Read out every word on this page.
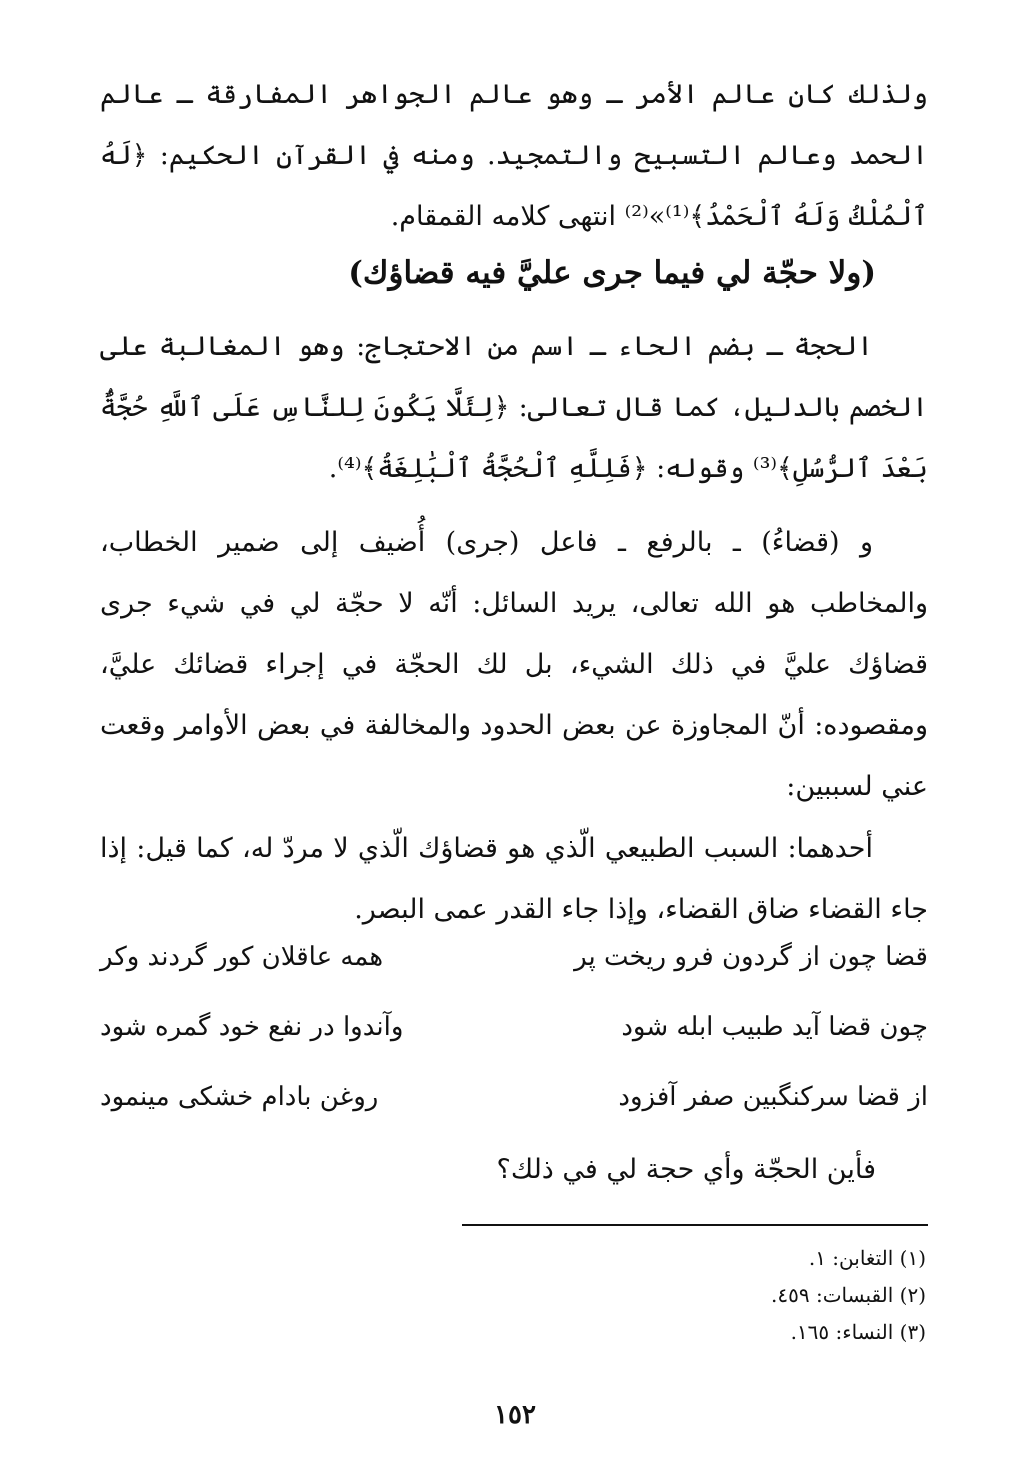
ولذلك كان عالم الأمر ـ وهو عالم الجواهر المفارقة ـ عالم الحمد وعالم التسبيح والتمجيد. ومنه في القرآن الحكيم: ﴿لَهُ ٱلْمُلْكُ وَلَهُ ٱلْحَمْدُ﴾⁽¹⁾»⁽²⁾ انتهى كلامه القمقام.

(ولا حجّة لي فيما جرى عليَّ فيه قضاؤك)

الحجة ـ بضم الحاء ـ اسم من الاحتجاج: وهو المغالبة على الخصم بالدليل، كما قال تعالى: ﴿لِئَلَّا يَكُونَ لِلنَّاسِ عَلَى ٱللَّهِ حُجَّةٌۢ بَعْدَ ٱلرُّسُلِ﴾⁽³⁾ وقوله: ﴿فَلِلَّهِ ٱلْحُجَّةُ ٱلْبَٰلِغَةُ﴾⁽⁴⁾.

و (قضاءُ) ـ بالرفع ـ فاعل (جرى) أُضيف إلى ضمير الخطاب، والمخاطب هو الله تعالى، يريد السائل: أنّه لا حجّة لي في شيء جرى قضاؤك عليَّ في ذلك الشيء، بل لك الحجّة في إجراء قضائك عليَّ، ومقصوده: أنّ المجاوزة عن بعض الحدود والمخالفة في بعض الأوامر وقعت عني لسببين:

أحدهما: السبب الطبيعي الّذي هو قضاؤك الّذي لا مردّ له، كما قيل: إذا جاء القضاء ضاق القضاء، وإذا جاء القدر عمى البصر.

قضا چون از گردون فرو ريخت پر
همه عاقلان كور گردند وكر
چون قضا آيد طبيب ابله شود
وآندوا در نفع خود گمره شود
از قضا سركنگبين صفر آفزود
روغن بادام خشكى مينمود
فأين الحجّة وأي حجة لي في ذلك؟
(١) التغابن: ١.
(٢) القبسات: ٤٥٩.
(٣) النساء: ١٦٥.
١٥٢
